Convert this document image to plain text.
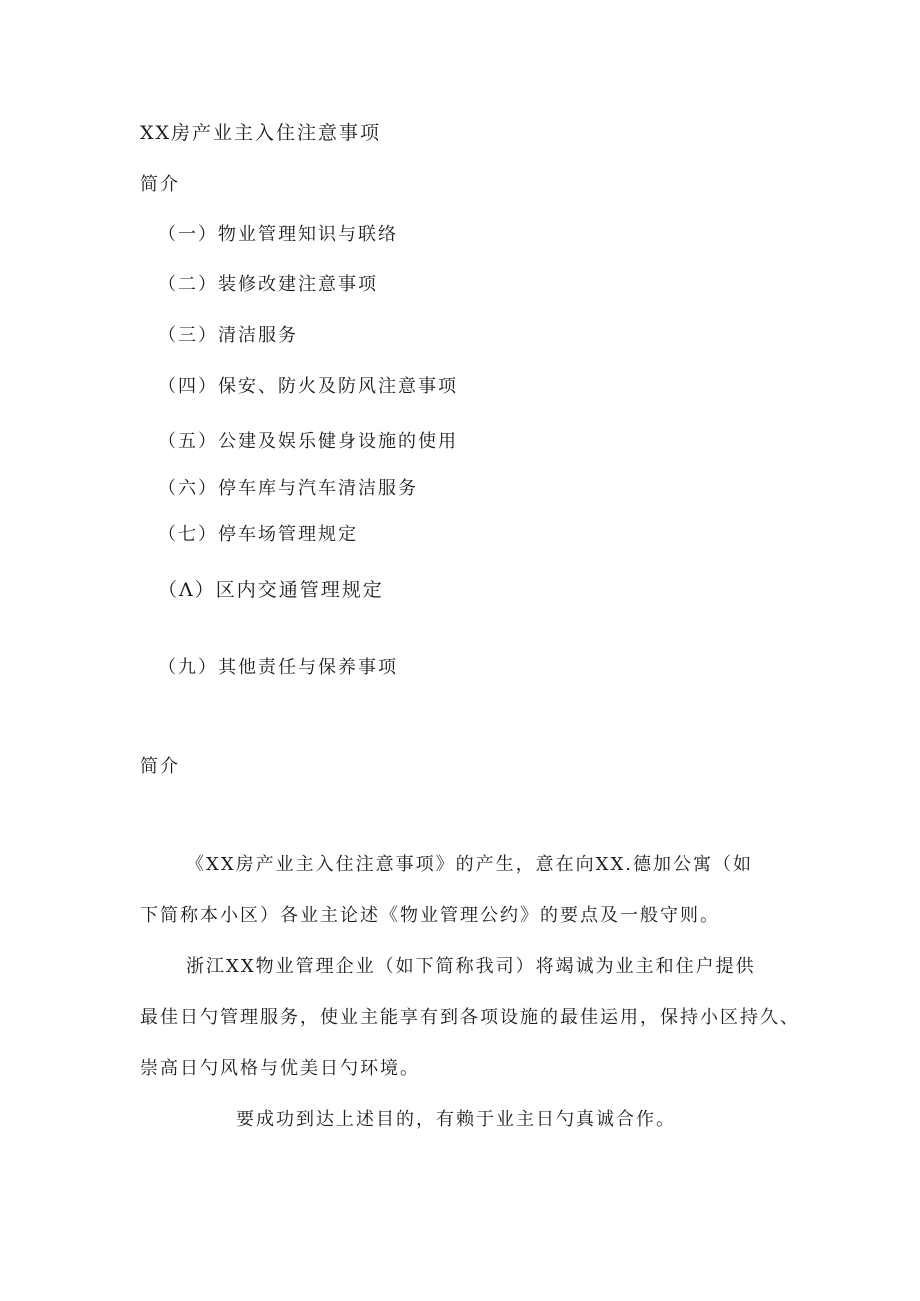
XX房产业主入住注意事项
简介
（一）物业管理知识与联络
（二）装修改建注意事项
（三）清洁服务
（四）保安、防火及防风注意事项
（五）公建及娱乐健身设施的使用
（六）停车库与汽车清洁服务
（七）停车场管理规定
（Λ）区内交通管理规定
（九）其他责任与保养事项
简介
《XX房产业主入住注意事项》的产生，意在向XX.德加公寓（如
下简称本小区）各业主论述《物业管理公约》的要点及一般守则。
浙江XX物业管理企业（如下简称我司）将竭诚为业主和住户提供
最佳日勺管理服务，使业主能享有到各项设施的最佳运用，保持小区持久、
崇高日勺风格与优美日勺环境。
要成功到达上述目的，有赖于业主日勺真诚合作。
